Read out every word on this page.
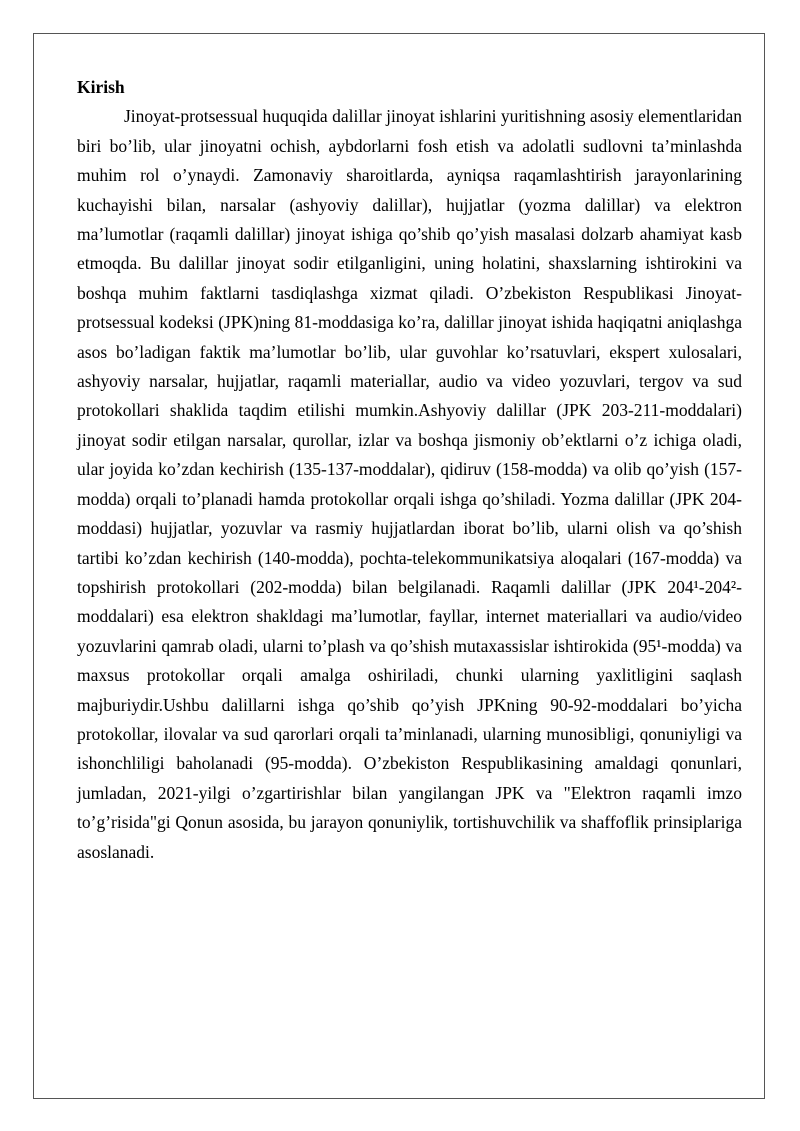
Kirish

Jinoyat-protsessual huquqida dalillar jinoyat ishlarini yuritishning asosiy elementlaridan biri bo’lib, ular jinoyatni ochish, aybdorlarni fosh etish va adolatli sudlovni ta’minlashda muhim rol o’ynaydi. Zamonaviy sharoitlarda, ayniqsa raqamlashtirish jarayonlarining kuchayishi bilan, narsalar (ashyoviy dalillar), hujjatlar (yozma dalillar) va elektron ma’lumotlar (raqamli dalillar) jinoyat ishiga qo’shib qo’yish masalasi dolzarb ahamiyat kasb etmoqda. Bu dalillar jinoyat sodir etilganligini, uning holatini, shaxslarning ishtirokini va boshqa muhim faktlarni tasdiqlashga xizmat qiladi. O’zbekiston Respublikasi Jinoyat-protsessual kodeksi (JPK)ning 81-moddasiga ko’ra, dalillar jinoyat ishida haqiqatni aniqlashga asos bo’ladigan faktik ma’lumotlar bo’lib, ular guvohlar ko’rsatuvlari, ekspert xulosalari, ashyoviy narsalar, hujjatlar, raqamli materiallar, audio va video yozuvlari, tergov va sud protokollari shaklida taqdim etilishi mumkin.Ashyoviy dalillar (JPK 203-211-moddalari) jinoyat sodir etilgan narsalar, qurollar, izlar va boshqa jismoniy ob’ektlarni o’z ichiga oladi, ular joyida ko’zdan kechirish (135-137-moddalar), qidiruv (158-modda) va olib qo’yish (157-modda) orqali to’planadi hamda protokollar orqali ishga qo’shiladi. Yozma dalillar (JPK 204-moddasi) hujjatlar, yozuvlar va rasmiy hujjatlardan iborat bo’lib, ularni olish va qo’shish tartibi ko’zdan kechirish (140-modda), pochta-telekommunikatsiya aloqalari (167-modda) va topshirish protokollari (202-modda) bilan belgilanadi. Raqamli dalillar (JPK 204¹-204²-moddalari) esa elektron shakldagi ma’lumotlar, fayllar, internet materiallari va audio/video yozuvlarini qamrab oladi, ularni to’plash va qo’shish mutaxassislar ishtirokida (95¹-modda) va maxsus protokollar orqali amalga oshiriladi, chunki ularning yaxlitligini saqlash majburiydir.Ushbu dalillarni ishga qo’shib qo’yish JPKning 90-92-moddalari bo’yicha protokollar, ilovalar va sud qarorlari orqali ta’minlanadi, ularning munosibligi, qonuniyligi va ishonchliligi baholanadi (95-modda). O’zbekiston Respublikasining amaldagi qonunlari, jumladan, 2021-yilgi o’zgartirishlar bilan yangilangan JPK va "Elektron raqamli imzo to’g’risida"gi Qonun asosida, bu jarayon qonuniylik, tortishuvchilik va shaffoflik prinsiplariga asoslanadi.
